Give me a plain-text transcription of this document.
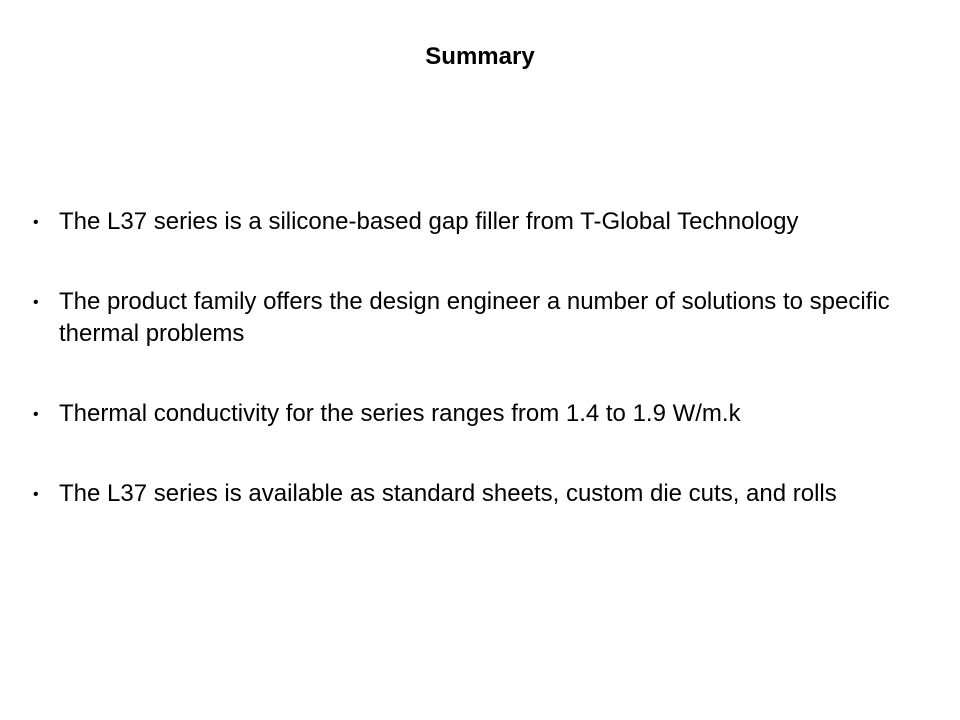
Summary
• The L37 series is a silicone-based gap filler from T-Global Technology
• The product family offers the design engineer a number of solutions to specific thermal problems
• Thermal conductivity for the series ranges from 1.4 to 1.9 W/m.k
• The L37 series is available as standard sheets, custom die cuts, and rolls
